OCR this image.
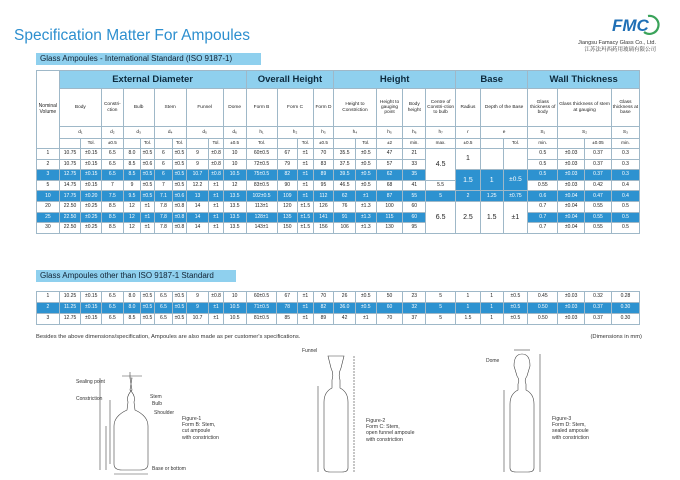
Specification Matter For Ampoules
FMC
Jiangsu Famacy Glass Co., Ltd.
江苏法玛西药用玻璃有限公司
Glass Ampoules - International Standard (ISO 9187-1)
Nominal Volume	External Diameter										Overall Height				Height					Base			Wall Thickness			
	Body		Constri-ction	Bulb		Stem		Funnel		Dome	Form B	Form C		Form D	Height to Constriction		Height to gauging point	Body height	Centre of Constri-ction to bulb	Radius	Depth of the Base		Glass thickness of body	Glass thickness of stem at gauging		Glass thickness at base
	d₁		d₂	d₃		d₄		d₅		d₆	h₁	h₂		h₃	h₄		h₅	h₆	h₇	r	e		S₁	S₂		S₃
		Tol.	±0.5		Tol.		Tol.		Tol.	±0.5	Tol.		Tol.	±0.5		Tol.	±2	min.	max.	±0.5		Tol.	min.		±0.05	min.
1	10.75	±0.15	6.5	8.0	±0.5	6	±0.5	9	±0.8	10	60±0.5	67	±1	70	35.5	±0.5	47	21	4.5	1			0.5	±0.03	0.37	0.3
2	10.75	±0.15	6.5	8.5	±0.6	6	±0.5	9	±0.8	10	72±0.5	79	±1	83	37.5	±0.5	57	33					0.5	±0.03	0.37	0.3
3	12.75	±0.15	6.5	8.5	±0.5	6	±0.5	10.7	±0.8	10.5	75±0.5	82	±1	89	39.5	±0.5	62	35		1.5	1	±0.5	0.5	±0.03	0.37	0.3
5	14.75	±0.15	7	9	±0.5	7	±0.5	12.2	±1	12	83±0.5	90	±1	95	46.5	±0.5	68	41	5.5				0.55	±0.03	0.42	0.4
10	17.75	±0.20	7.5	9.5	±0.5	7.1	±0.6	13	±1	13.5	102±0.5	109	±1	112	62	±1	87	55	5	2	1.25	±0.75	0.6	±0.04	0.47	0.4
20	22.50	±0.25	8.5	12	±1	7.8	±0.8	14	±1	13.5	113±1	120	±1.5	126	76	±1.3	100	60	6.5	2.5	1.5	±1	0.7	±0.04	0.55	0.5
25	22.50	±0.25	8.5	12	±1	7.8	±0.8	14	±1	13.5	128±1	135	±1.5	141	91	±1.3	115	60					0.7	±0.04	0.55	0.5
30	22.50	±0.25	8.5	12	±1	7.8	±0.8	14	±1	13.5	143±1	150	±1.5	156	106	±1.3	130	95					0.7	±0.04	0.55	0.5
Glass Ampoules other than ISO 9187-1 Standard
1	10.25	±0.15	6.5	8.0	±0.5	6.5	±0.5	9	±0.8	10	60±0.5	67	±1	70	26	±0.5	50	23	5	1	1	±0.5	0.45	±0.03	0.32	0.28
2	11.25	±0.15	6.5	8.0	±0.5	6.5	±0.5	9	±1	10.5	71±0.5	78	±1	82	36.0	±0.5	60	32	5	1	1	±0.5	0.50	±0.03	0.37	0.30
3	12.75	±0.15	6.5	8.5	±0.5	6.5	±0.5	10.7	±1	10.5	81±0.5	85	±1	89	42	±1	70	37	5	1.5	1	±0.5	0.50	±0.03	0.37	0.30
Besides the above dimensions/specification, Ampoules are also made as per customer's specifications.	(Dimensions in mm)
Sealing point
Constriction	Stem
Bulb
Shoulder
Base or bottom
Figure-1
Form B: Stem,
cut ampoule
with constriction
Funnel
Figure-2
Form C: Stem,
open funnel ampoule
with constriction
Dome
Figure-3
Form D: Stem,
sealed ampoule
with constriction
